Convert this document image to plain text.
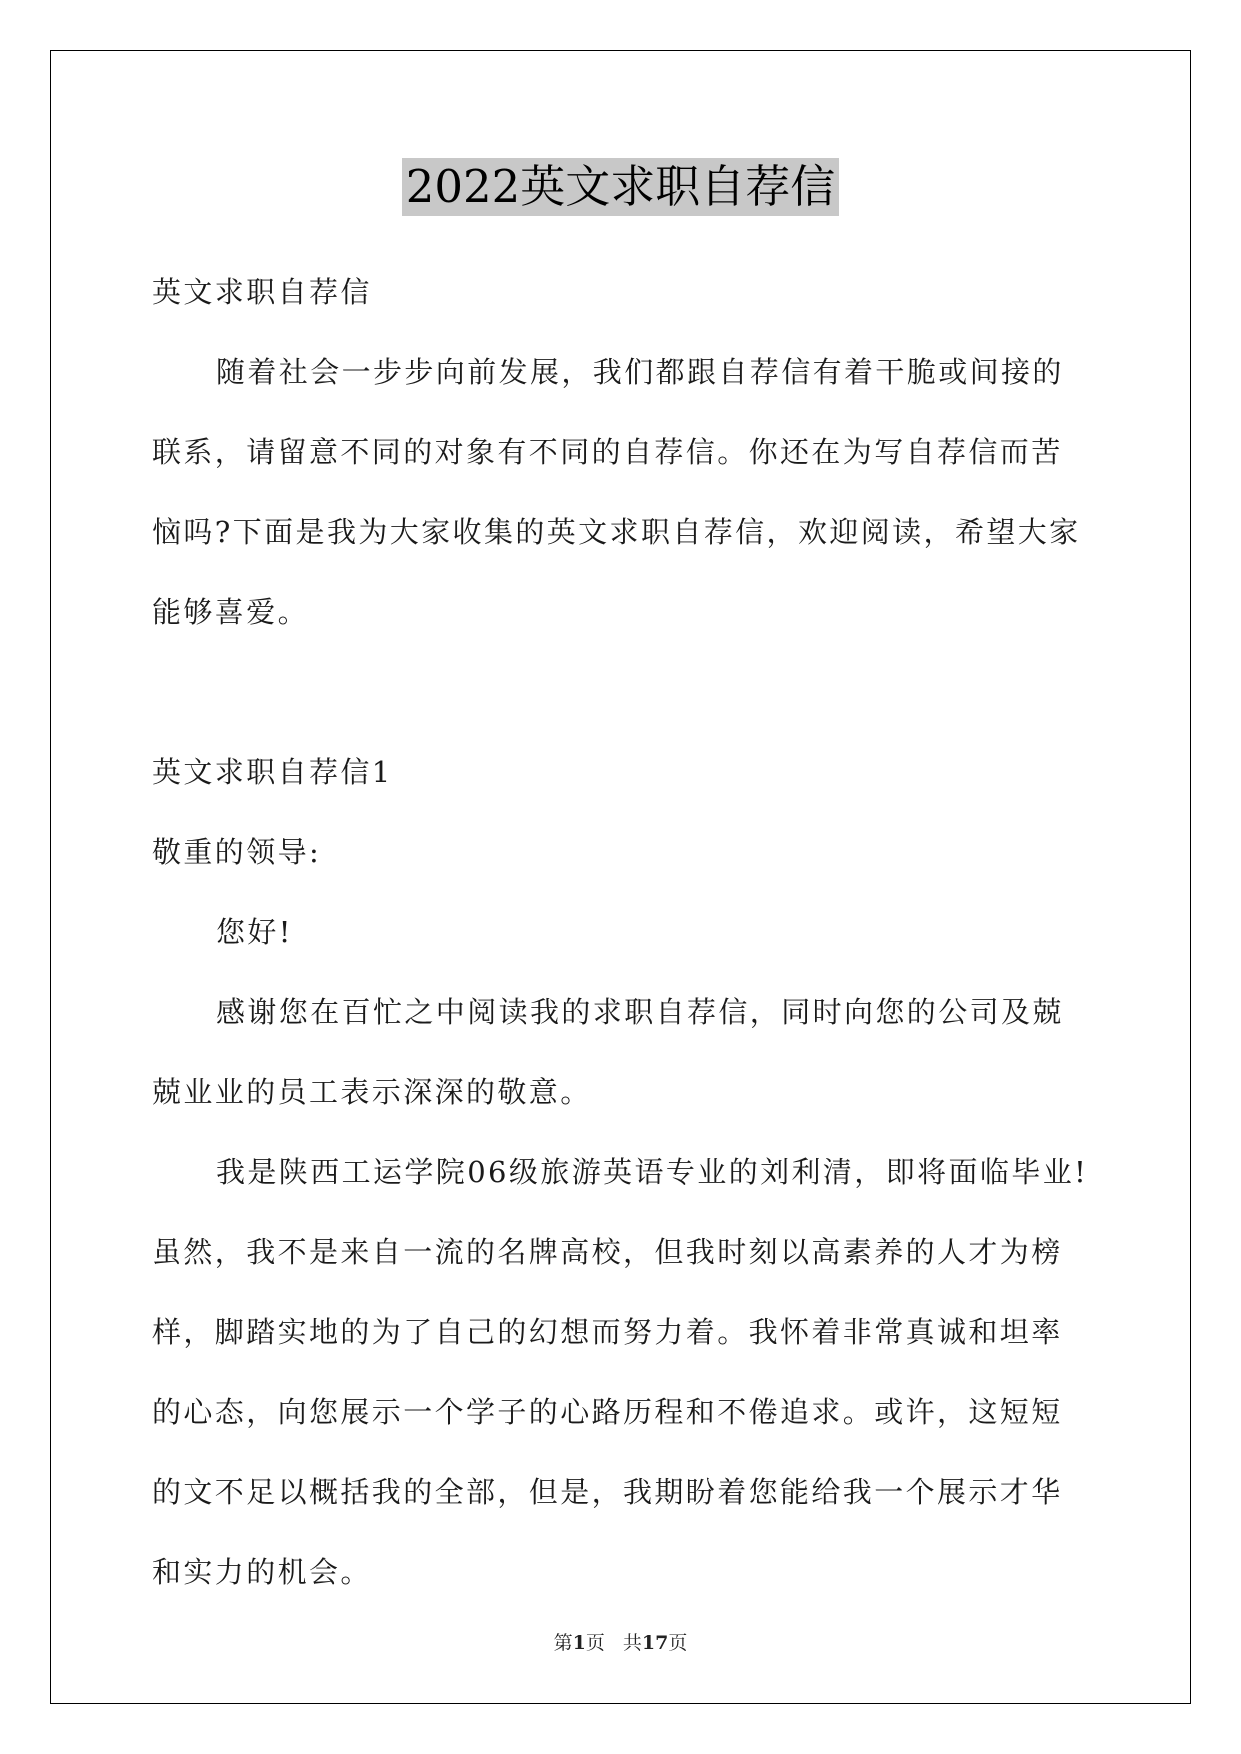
2022英文求职自荐信

英文求职自荐信

随着社会一步步向前发展，我们都跟自荐信有着干脆或间接的联系，请留意不同的对象有不同的自荐信。你还在为写自荐信而苦恼吗?下面是我为大家收集的英文求职自荐信，欢迎阅读，希望大家能够喜爱。

英文求职自荐信1

敬重的领导:

您好!

感谢您在百忙之中阅读我的求职自荐信，同时向您的公司及兢兢业业的员工表示深深的敬意。

我是陕西工运学院06级旅游英语专业的刘利清，即将面临毕业!虽然，我不是来自一流的名牌高校，但我时刻以高素养的人才为榜样，脚踏实地的为了自己的幻想而努力着。我怀着非常真诚和坦率的心态，向您展示一个学子的心路历程和不倦追求。或许，这短短的文不足以概括我的全部，但是，我期盼着您能给我一个展示才华和实力的机会。

第1页 共17页
